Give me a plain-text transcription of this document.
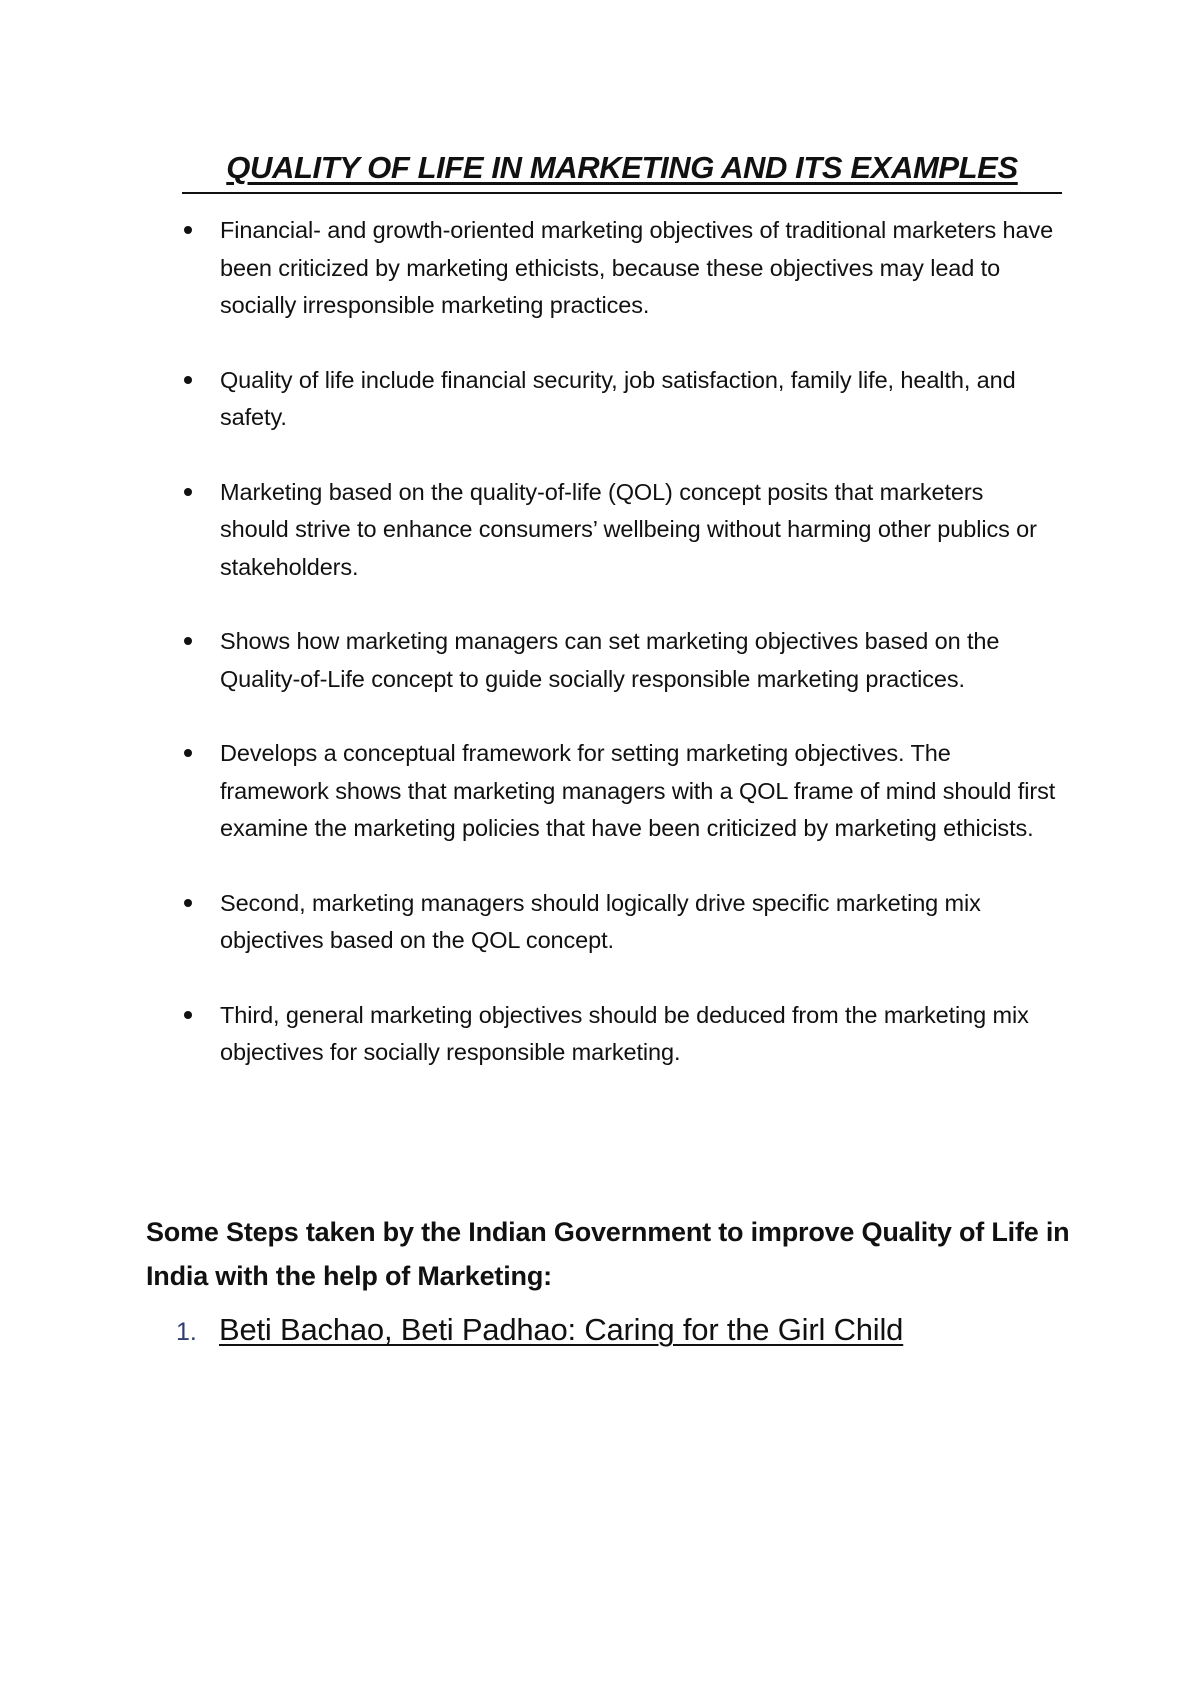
QUALITY OF LIFE IN MARKETING AND ITS EXAMPLES
Financial- and growth-oriented marketing objectives of traditional marketers have been criticized by marketing ethicists, because these objectives may lead to socially irresponsible marketing practices.
Quality of life include financial security, job satisfaction, family life, health, and safety.
Marketing based on the quality-of-life (QOL) concept posits that marketers should strive to enhance consumers’ wellbeing without harming other publics or stakeholders.
Shows how marketing managers can set marketing objectives based on the Quality-of-Life concept to guide socially responsible marketing practices.
Develops a conceptual framework for setting marketing objectives. The framework shows that marketing managers with a QOL frame of mind should first examine the marketing policies that have been criticized by marketing ethicists.
Second, marketing managers should logically drive specific marketing mix objectives based on the QOL concept.
Third, general marketing objectives should be deduced from the marketing mix objectives for socially responsible marketing.
Some Steps taken by the Indian Government to improve Quality of Life in India with the help of Marketing:
1. Beti Bachao, Beti Padhao: Caring for the Girl Child
